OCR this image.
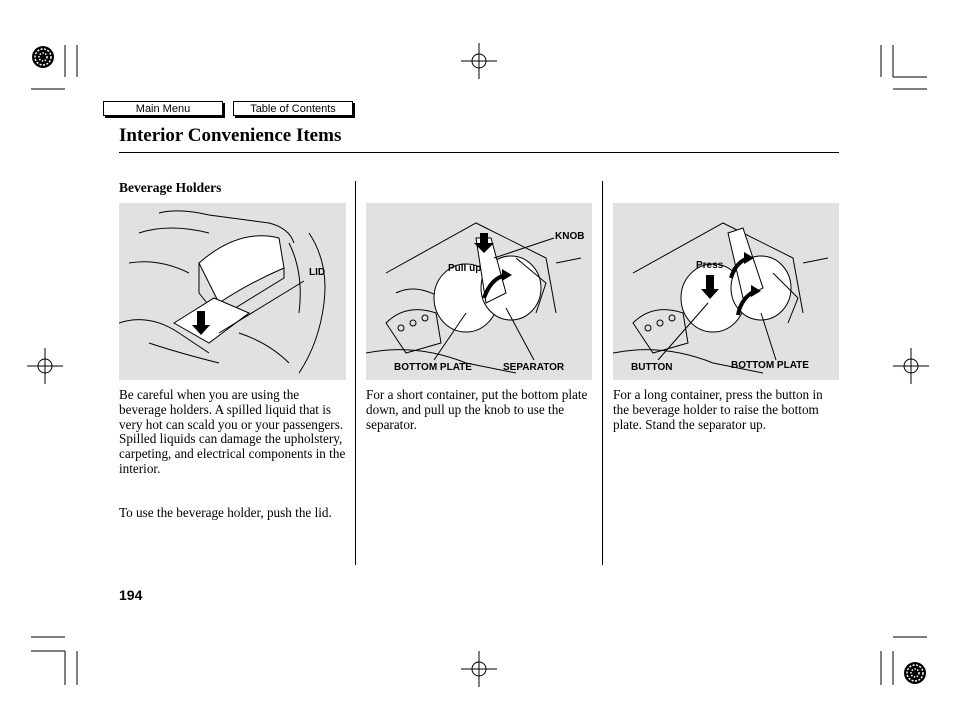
Main Menu	Table of Contents
Interior Convenience Items
Beverage Holders
LID
KNOB
Pull up
BOTTOM PLATE	SEPARATOR
Press
BUTTON	BOTTOM PLATE
Be careful when you are using the beverage holders. A spilled liquid that is very hot can scald you or your passengers. Spilled liquids can damage the upholstery, carpeting, and electrical components in the interior.
To use the beverage holder, push the lid.
For a short container, put the bottom plate down, and pull up the knob to use the separator.
For a long container, press the button in the beverage holder to raise the bottom plate. Stand the separator up.
194
